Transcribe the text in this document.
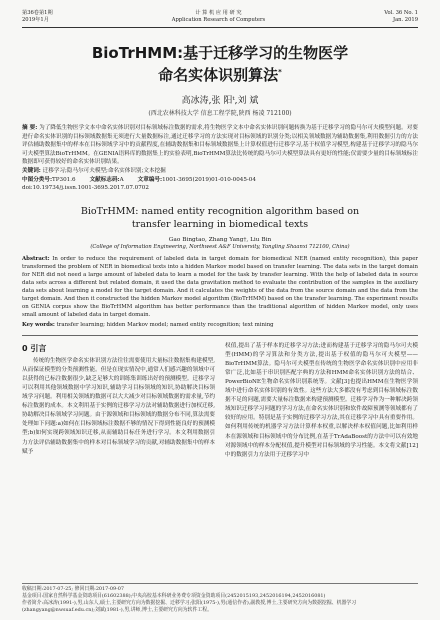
第36卷第1期
2019年1月
计 算 机 应 用 研 究
Application Research of Computers
Vol. 36 No. 1
Jan. 2019
BioTrHMM:基于迁移学习的生物医学
命名实体识别算法*
高冰涛,张 阳ᵗ,刘 斌
(西北农林科技大学 信息工程学院,陕西 杨凌 712100)
摘 要: 为了降低生物医学文本中命名实体识别对目标领域标注数据的需求,将生物医学文本中命名实体识别问题转换为基于迁移学习的隐马尔可夫模型问题。对要进行命名实体识别的目标领域数据集无须进行大量数据标注,通过迁移学习的方法实现对目标领域的识别分类;以相关领域数据为辅助数据集,利用数据引力的方法评估辅助数据集中的样本在目标领域学习中的贡献程度,在辅助数据集和目标领域数据集上计算权值进行迁移学习,基于权值学习模型,构建基于迁移学习的隐马尔可夫模型算法BioTrHMM。在GENIA语料库的数据集上的实验表明,BioTrHMM算法比传统的隐马尔可夫模型算法具有更好的性能;仅需要少量的目标领域标注数据即可获得较好的命名实体识别结果。
关键词: 迁移学习;隐马尔可夫模型;命名实体识别;文本挖掘
中图分类号:TP301.6	文献标志码:A	文章编号:1001-3695(2019)01-010-0045-04
doi:10.19734/j.issn.1001-3695.2017.07.0702
BioTrHMM: named entity recognition algorithm based on
transfer learning in biomedical texts
Gao Bingtao, Zhang Yang†, Liu Bin
(College of Information Engineering, Northwest A&F University, Yangling Shaanxi 712100, China)
Abstract: In order to reduce the requirement of labeled data in target domain for biomedical NER (named entity recognition), this paper transformed the problem of NER in biomedical texts into a hidden Markov model based on transfer learning. The data sets in the target domain for NER did not need a large amount of labeled data to learn a model for the task by transfer learning. With the help of labeled data in source data sets across a different but related domain, it used the data gravitation method to evaluate the contribution of the samples in the auxiliary data sets about learning a model for the target domain. And it calculates the weights of the data from the source domain and the data from the target domain. And then it constructed the hidden Markov model algorithm (BioTrHMM) based on the transfer learning. The experiment results on GENIA corpus show the BioTrHMM algorithm has better performance than the traditional algorithm of hidden Markov model, only uses small amount of labeled data in target domain.
Key words: transfer learning; hidden Markov model; named entity recognition; text mining
0 引言
传统的生物医学命名实体识别方法往往需要使用大量标注数据集构建模型,从而保证模型的分类预测性能。但是在现实情况中,通常人们感兴趣的领域中可以获得的已标注数据很少,缺乏足够大的训练集训练出好的预测模型。迁移学习可以利用其他领域数据中学习知识,辅助学习目标领域的知识,协助解决目标领域学习问题。利用相关领域的数据可以大大减少对目标领域数据的需求量,节约标注数据的成本。本文利用基于实例的迁移学习方法对辅助数据进行加权迁移,协助解决目标领域学习问题。由于源领域和目标领域的数据分布不同,算法需要处理如下问题:a)如何在目标领域标注数据不够的情况下得到性能良好的预测模型;b)如何实现跨领域知识迁移,从而辅助目标任务进行学习。本文利用数据引力方法评估辅助数据集中的样本对目标领域学习的贡献,对辅助数据集中的样本赋予
权值,提出了基于样本的迁移学习方法;进而构建基于迁移学习的隐马尔可夫模型(HMM)的学习算法和分类方法,提出基于权值的隐马尔可夫模型——BioTrHMM算法。隐马尔可夫模型在传统的生物医学命名实体识别中应用非常广泛,比如基于串识别匹配字典的方法和HMM命名实体识别方法的结合、PowerBioNE生物命名实体识别系统等。文献[3]也提出HMM在生物医学领域中进行命名实体识别的有效性。这些方法大多都没有考虑到目标领域标注数据不足的问题,需要大量标注数据来构建预测模型。迁移学习作为一种解决跨领域知识迁移学习问题的学习方法,在命名实体识别和软件故障预测等领域都有了较好的应用。特别是基于实例的迁移学习方法,其在迁移学习中具有重要作用。如何利用传统的机器学习方法计算样本权重,以解决样本权值问题,比如利用样本在源领域和目标领域中的分布比例,在基于TrAdaBoost的方法中可以有效地对源领域中的样本分配权值,提升模型对目标领域的学习性能。本文将文献[12]中的数据引力方法用于迁移学习中
收稿日期:2017-07-25; 修回日期:2017-09-07
基金项目:国家自然科学基金资助项目(61602388);中央高校基本科研业务费专项资金资助项目(2452015193,2452016194,2452016081)
作者简介:高冰涛(1991-),男,山东人,硕士,主要研究方向为数据挖掘、迁移学习;张阳(1975-),男(通信作者),副教授,博士,主要研究方向为数据挖掘、机器学习(zhangyang@nwsuaf.edu.cn);刘斌(1981-),男,讲师,博士,主要研究方向为软件工程。
